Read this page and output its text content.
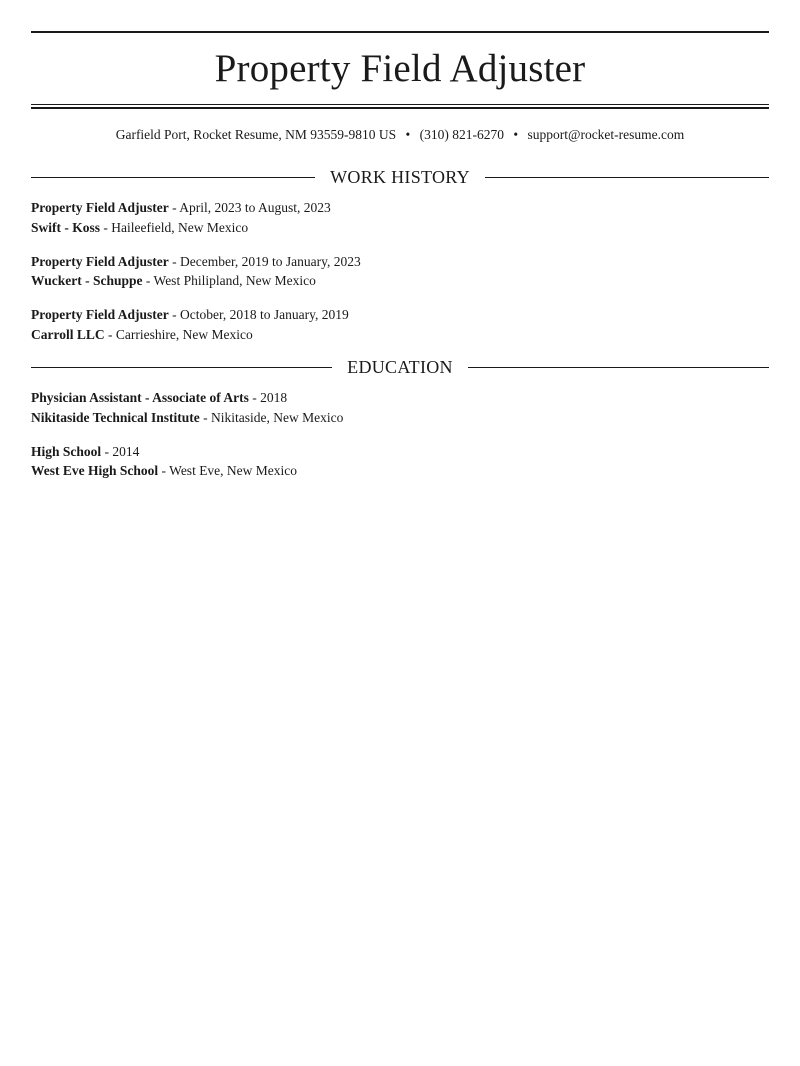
Property Field Adjuster
Garfield Port, Rocket Resume, NM 93559-9810 US • (310) 821-6270 • support@rocket-resume.com
WORK HISTORY
Property Field Adjuster - April, 2023 to August, 2023
Swift - Koss - Haileefield, New Mexico
Property Field Adjuster - December, 2019 to January, 2023
Wuckert - Schuppe - West Philipland, New Mexico
Property Field Adjuster - October, 2018 to January, 2019
Carroll LLC - Carrieshire, New Mexico
EDUCATION
Physician Assistant - Associate of Arts - 2018
Nikitaside Technical Institute - Nikitaside, New Mexico
High School - 2014
West Eve High School - West Eve, New Mexico
